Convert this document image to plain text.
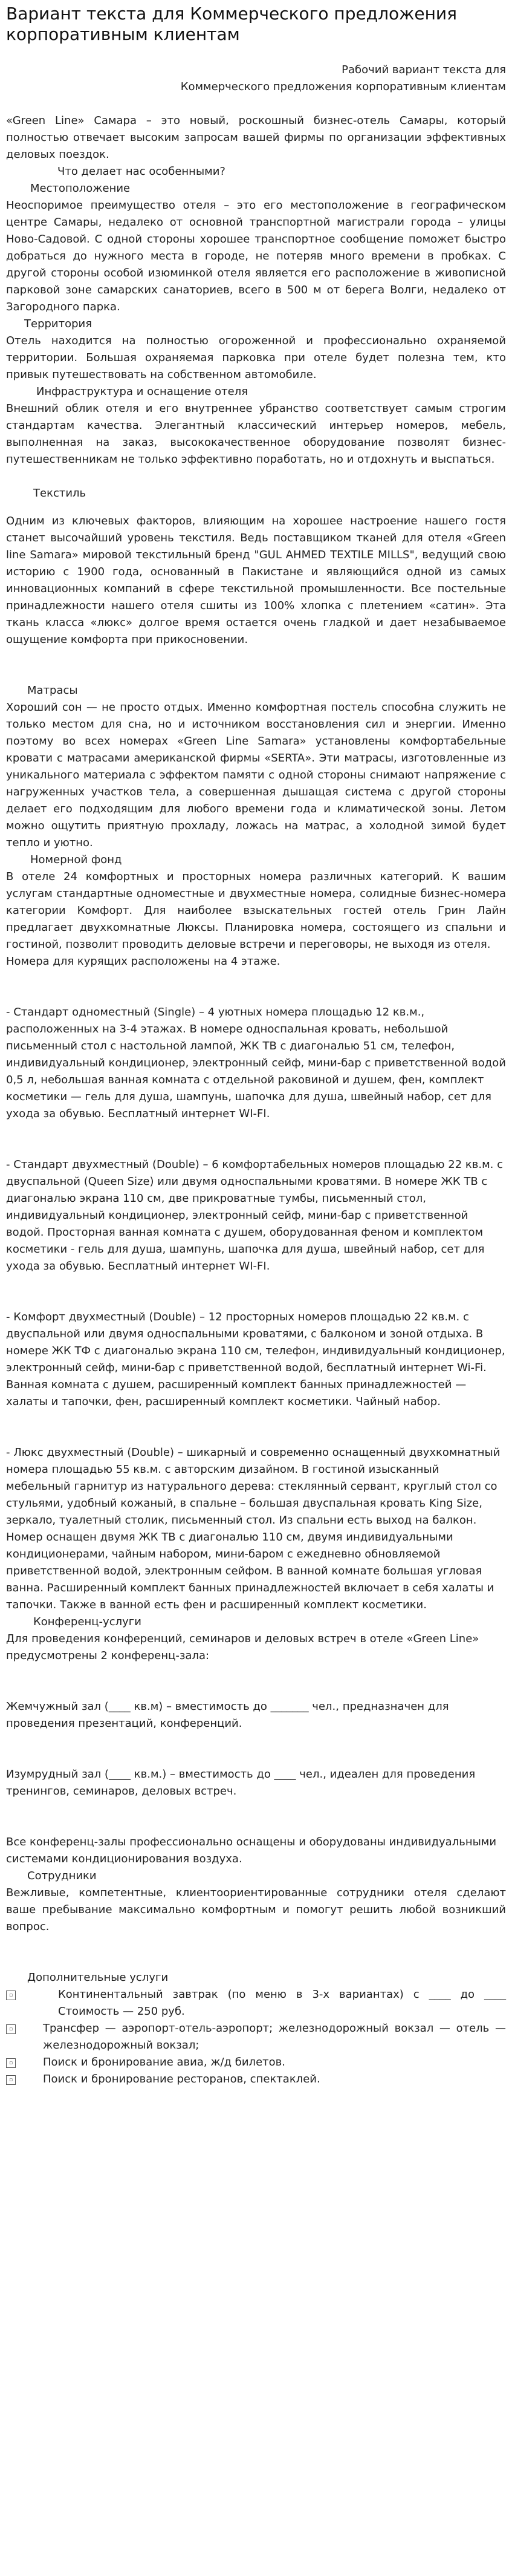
Вариант текста для Коммерческого предложения корпоративным клиентам

Рабочий вариант текста для

Коммерческого предложения корпоративным клиентам

«Green Line» Самара – это новый, роскошный бизнес-отель Самары, который полностью отвечает высоким запросам вашей фирмы по организации эффективных деловых поездок.

Что делает нас особенными?

Местоположение

Неоспоримое преимущество отеля – это его местоположение в географическом центре Самары, недалеко от основной транспортной магистрали города – улицы Ново-Садовой. С одной стороны хорошее транспортное сообщение поможет быстро добраться до нужного места в городе, не потеряв много времени в пробках. С другой стороны особой изюминкой отеля является его расположение в живописной парковой зоне самарских санаториев, всего в 500 м от берега Волги, недалеко от Загородного парка.

Территория

Отель находится на полностью огороженной и профессионально охраняемой территории. Большая охраняемая парковка при отеле будет полезна тем, кто привык путешествовать на собственном автомобиле.

Инфраструктура и оснащение отеля

Внешний облик отеля и его внутреннее убранство соответствует самым строгим стандартам качества. Элегантный классический интерьер номеров, мебель, выполненная на заказ, высококачественное оборудование позволят бизнес-путешественникам не только эффективно поработать, но и отдохнуть и выспаться.

Текстиль

Одним из ключевых факторов, влияющим на хорошее настроение нашего гостя станет высочайший уровень текстиля. Ведь поставщиком тканей для отеля «Green line Samara» мировой текстильный бренд "GUL AHMED TEXTILE MILLS", ведущий свою историю с 1900 года, основанный в Пакистане и являющийся одной из самых инновационных компаний в сфере текстильной промышленности. Все постельные принадлежности нашего отеля сшиты из 100% хлопка с плетением «сатин». Эта ткань класса «люкс» долгое время остается очень гладкой и дает незабываемое ощущение комфорта при прикосновении.

Матрасы

Хороший сон — не просто отдых. Именно комфортная постель способна служить не только местом для сна, но и источником восстановления сил и энергии. Именно поэтому во всех номерах «Green Line Samara» установлены комфортабельные кровати с матрасами американской фирмы «SERTA». Эти матрасы, изготовленные из уникального материала с эффектом памяти с одной стороны снимают напряжение с нагруженных участков тела, а совершенная дышащая система с другой стороны делает его подходящим для любого времени года и климатической зоны. Летом можно ощутить приятную прохладу, ложась на матрас, а холодной зимой будет тепло и уютно.

Номерной фонд

В отеле 24 комфортных и просторных номера различных категорий. К вашим услугам стандартные одноместные и двухместные номера, солидные бизнес-номера категории Комфорт. Для наиболее взыскательных гостей отель Грин Лайн предлагает двухкомнатные Люксы. Планировка номера, состоящего из спальни и гостиной, позволит проводить деловые встречи и переговоры, не выходя из отеля.

Номера для курящих расположены на 4 этаже.

- Стандарт одноместный (Single) – 4 уютных номера площадью 12 кв.м., расположенных на 3-4 этажах. В номере односпальная кровать, небольшой письменный стол с настольной лампой, ЖК ТВ с диагональю 51 см, телефон, индивидуальный кондиционер, электронный сейф, мини-бар с приветственной водой 0,5 л, небольшая ванная комната с отдельной раковиной и душем, фен, комплект косметики — гель для душа, шампунь, шапочка для душа, швейный набор, сет для ухода за обувью. Бесплатный интернет WI-FI.

- Стандарт двухместный (Double) – 6 комфортабельных номеров площадью 22 кв.м. с двуспальной (Queen Size) или двумя односпальными кроватями. В номере ЖК ТВ с диагональю экрана 110 см, две прикроватные тумбы, письменный стол, индивидуальный кондиционер, электронный сейф, мини-бар с приветственной водой. Просторная ванная комната с душем, оборудованная феном и комплектом косметики - гель для душа, шампунь, шапочка для душа, швейный набор, сет для ухода за обувью. Бесплатный интернет WI-FI.

- Комфорт двухместный (Double) – 12 просторных номеров площадью 22 кв.м. с двуспальной или двумя односпальными кроватями, с балконом и зоной отдыха. В номере ЖК ТФ с диагональю экрана 110 см, телефон, индивидуальный кондиционер, электронный сейф, мини-бар с приветственной водой, бесплатный интернет Wi-Fi. Ванная комната с душем, расширенный комплект банных принадлежностей — халаты и тапочки, фен, расширенный комплект косметики. Чайный набор.

- Люкс двухместный (Double) – шикарный и современно оснащенный двухкомнатный номера площадью 55 кв.м. с авторским дизайном. В гостиной изысканный мебельный гарнитур из натурального дерева: стеклянный сервант, круглый стол со стульями, удобный кожаный, в спальне – большая двуспальная кровать King Size, зеркало, туалетный столик, письменный стол. Из спальни есть выход на балкон.

Номер оснащен двумя ЖК ТВ с диагональю 110 см, двумя индивидуальными кондиционерами, чайным набором, мини-баром с ежедневно обновляемой приветственной водой, электронным сейфом. В ванной комнате большая угловая ванна. Расширенный комплект банных принадлежностей включает в себя халаты и тапочки. Также в ванной есть фен и расширенный комплект косметики.

Конференц-услуги

Для проведения конференций, семинаров и деловых встреч в отеле «Green Line» предусмотрены 2 конференц-зала:

Жемчужный зал (____ кв.м) – вместимость до _______ чел., предназначен для проведения презентаций, конференций.

Изумрудный зал (____ кв.м.) – вместимость до ____ чел., идеален для проведения тренингов, семинаров, деловых встреч.

Все конференц-залы профессионально оснащены и оборудованы индивидуальными системами кондиционирования воздуха.

Сотрудники

Вежливые, компетентные, клиентоориентированные сотрудники отеля сделают ваше пребывание максимально комфортным и помогут решить любой возникший вопрос.

Дополнительные услуги

▫	Континентальный завтрак (по меню в 3-х вариантах) с ____ до ____ Стоимость — 250 руб.
▫	Трансфер — аэропорт-отель-аэропорт; железнодорожный вокзал — отель — железнодорожный вокзал;
▫	Поиск и бронирование авиа, ж/д билетов.
▫	Поиск и бронирование ресторанов, спектаклей.
